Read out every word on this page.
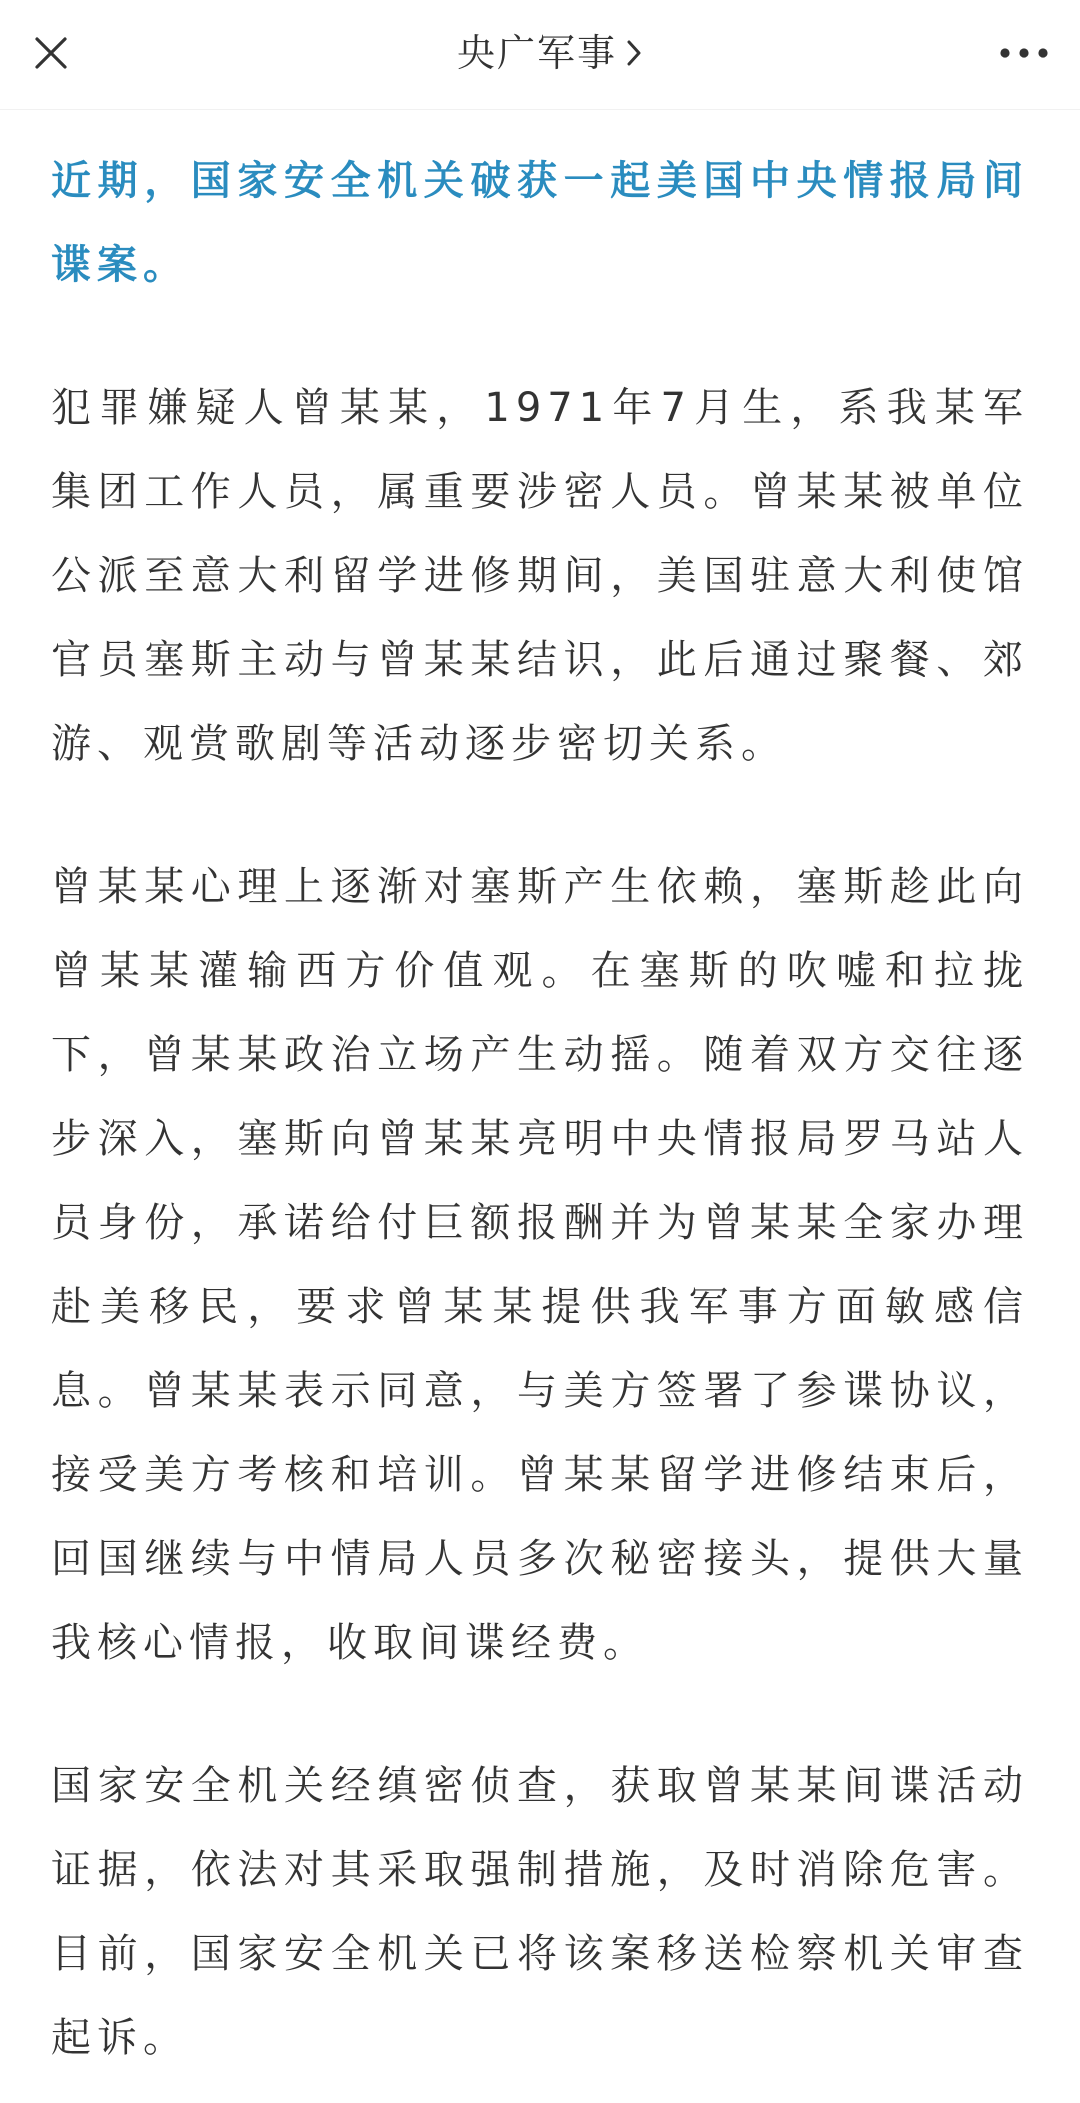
央广军事
近期，国家安全机关破获一起美国中央情报局间
谍案。
犯罪嫌疑人曾某某，1971年7月生，系我某军
集团工作人员，属重要涉密人员。曾某某被单位
公派至意大利留学进修期间，美国驻意大利使馆
官员塞斯主动与曾某某结识，此后通过聚餐、郊
游、观赏歌剧等活动逐步密切关系。
曾某某心理上逐渐对塞斯产生依赖，塞斯趁此向
曾某某灌输西方价值观。在塞斯的吹嘘和拉拢
下，曾某某政治立场产生动摇。随着双方交往逐
步深入，塞斯向曾某某亮明中央情报局罗马站人
员身份，承诺给付巨额报酬并为曾某某全家办理
赴美移民，要求曾某某提供我军事方面敏感信
息。曾某某表示同意，与美方签署了参谍协议，
接受美方考核和培训。曾某某留学进修结束后，
回国继续与中情局人员多次秘密接头，提供大量
我核心情报，收取间谍经费。
国家安全机关经缜密侦查，获取曾某某间谍活动
证据，依法对其采取强制措施，及时消除危害。
目前，国家安全机关已将该案移送检察机关审查
起诉。
